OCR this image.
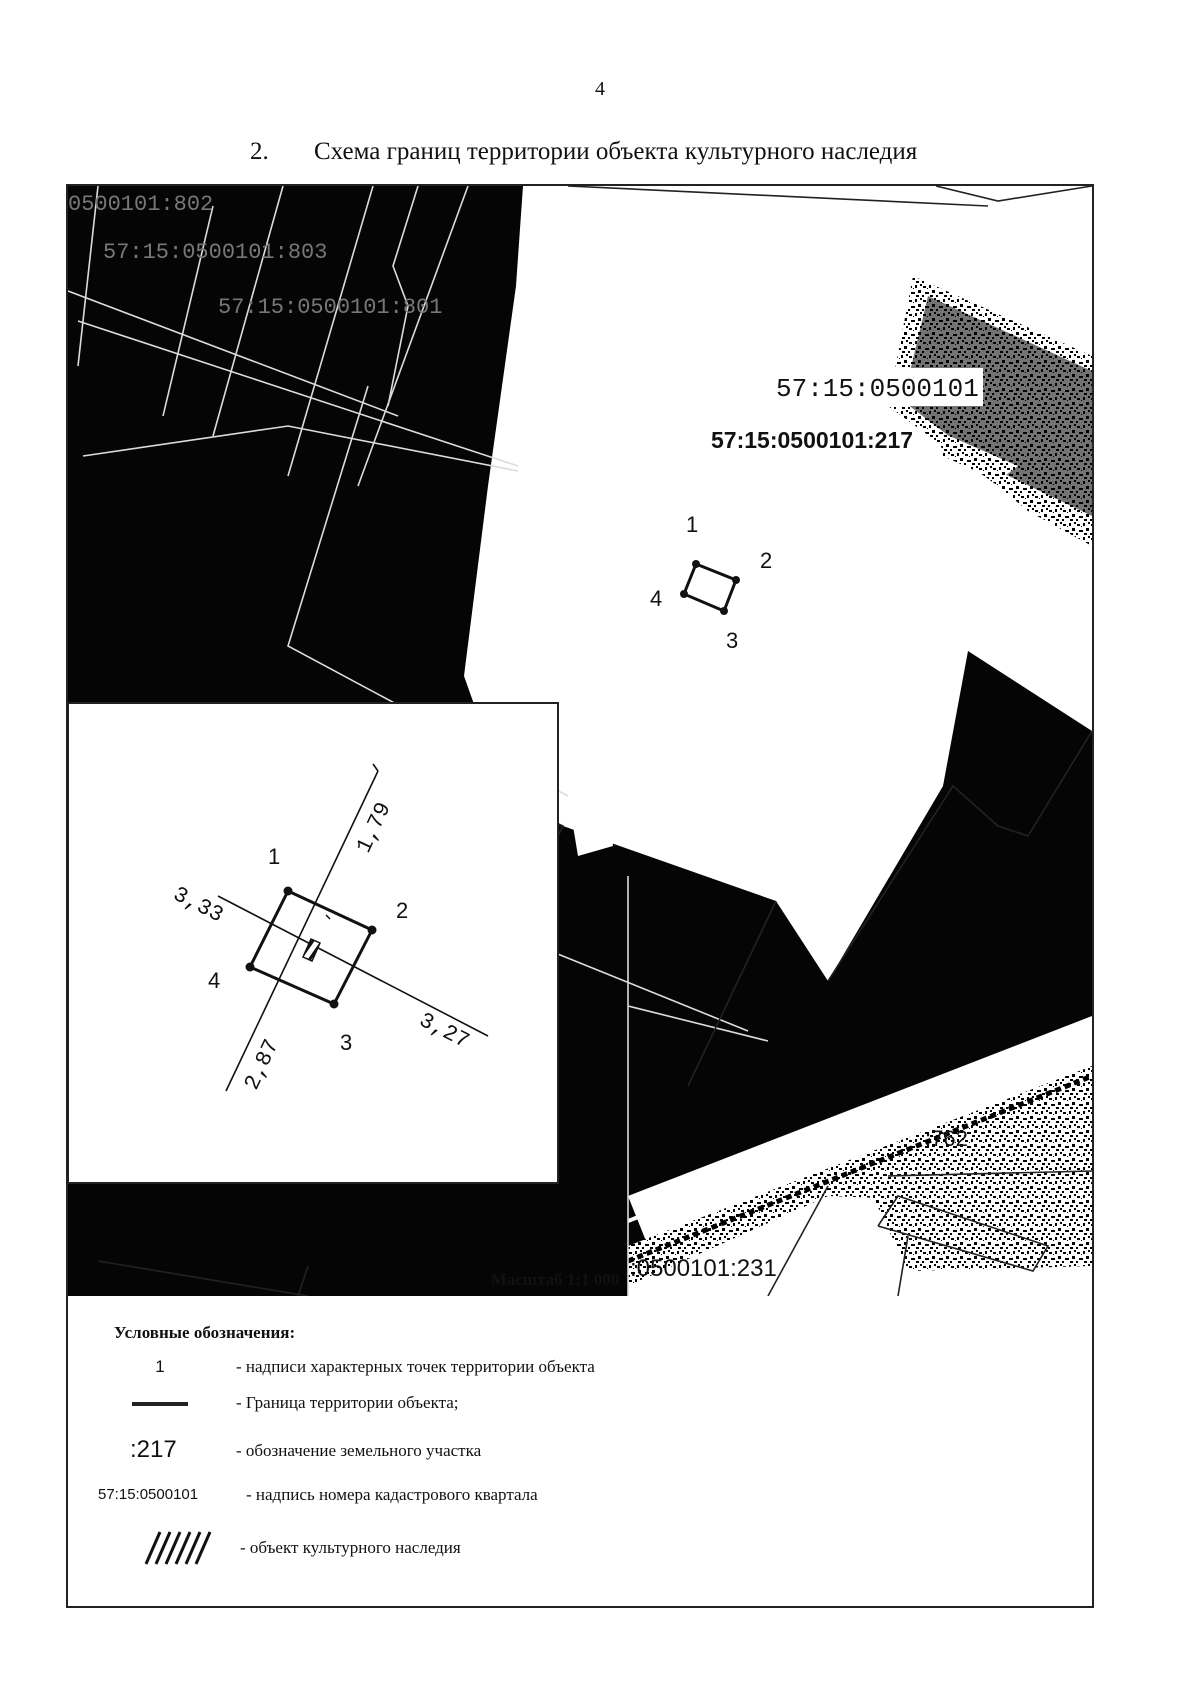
4
2. Схема границ территории объекта культурного наследия
0500101:802
57:15:0500101:803
57:15:0500101:801
57:15:0500101
57:15:0500101:217
:0500101:231
:762
1
2
3
4
1
2
3
4
1,79
3,33
3,27
2,87
Масштаб 1:1 000
Условные обозначения:
1	- надписи характерных точек территории объекта
- Граница территории объекта;
:217	- обозначение земельного участка
57:15:0500101	- надпись номера кадастрового квартала
- объект культурного наследия
